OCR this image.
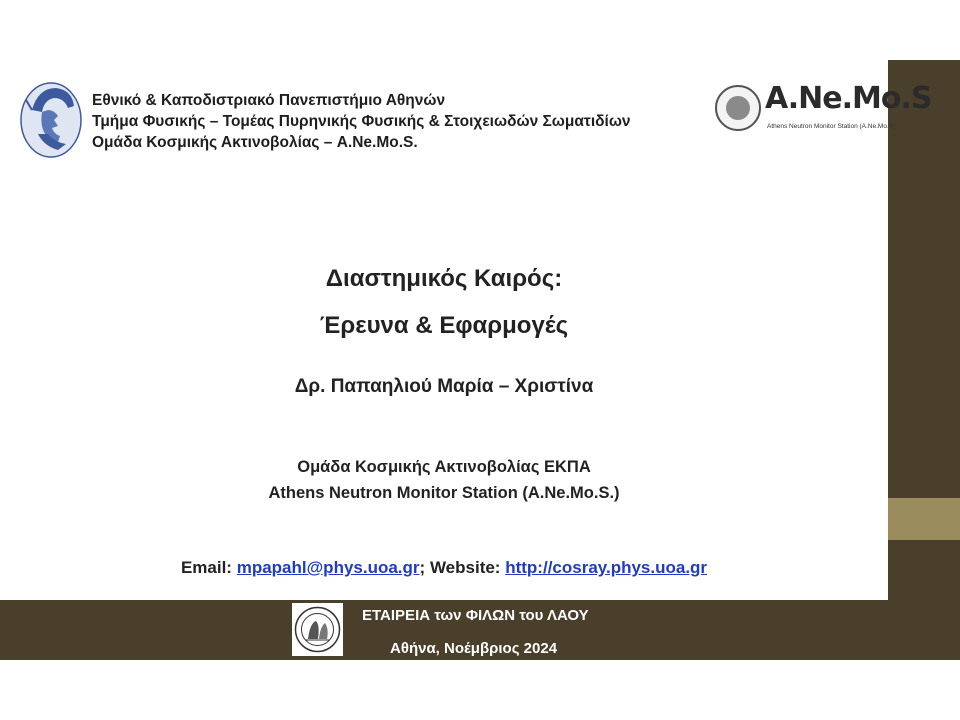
Εθνικό & Καποδιστριακό Πανεπιστήμιο Αθηνών
Τμήμα Φυσικής – Τομέας Πυρηνικής Φυσικής & Στοιχειωδών Σωματιδίων
Ομάδα Κοσμικής Ακτινοβολίας – A.Ne.Mo.S.
A.Ne.Mo.S
Athens Neutron Monitor Station (A.Ne.Mo.S)
Διαστημικός Καιρός:
Έρευνα & Εφαρμογές
Δρ. Παπαηλιού Μαρία – Χριστίνα
Ομάδα Κοσμικής Ακτινοβολίας ΕΚΠΑ
Athens Neutron Monitor Station (A.Ne.Mo.S.)
Email: mpapahl@phys.uoa.gr; Website: http://cosray.phys.uoa.gr
ΕΤΑΙΡΕΙΑ των ΦΙΛΩΝ του ΛΑΟΥ
Αθήνα, Νοέμβριος 2024
